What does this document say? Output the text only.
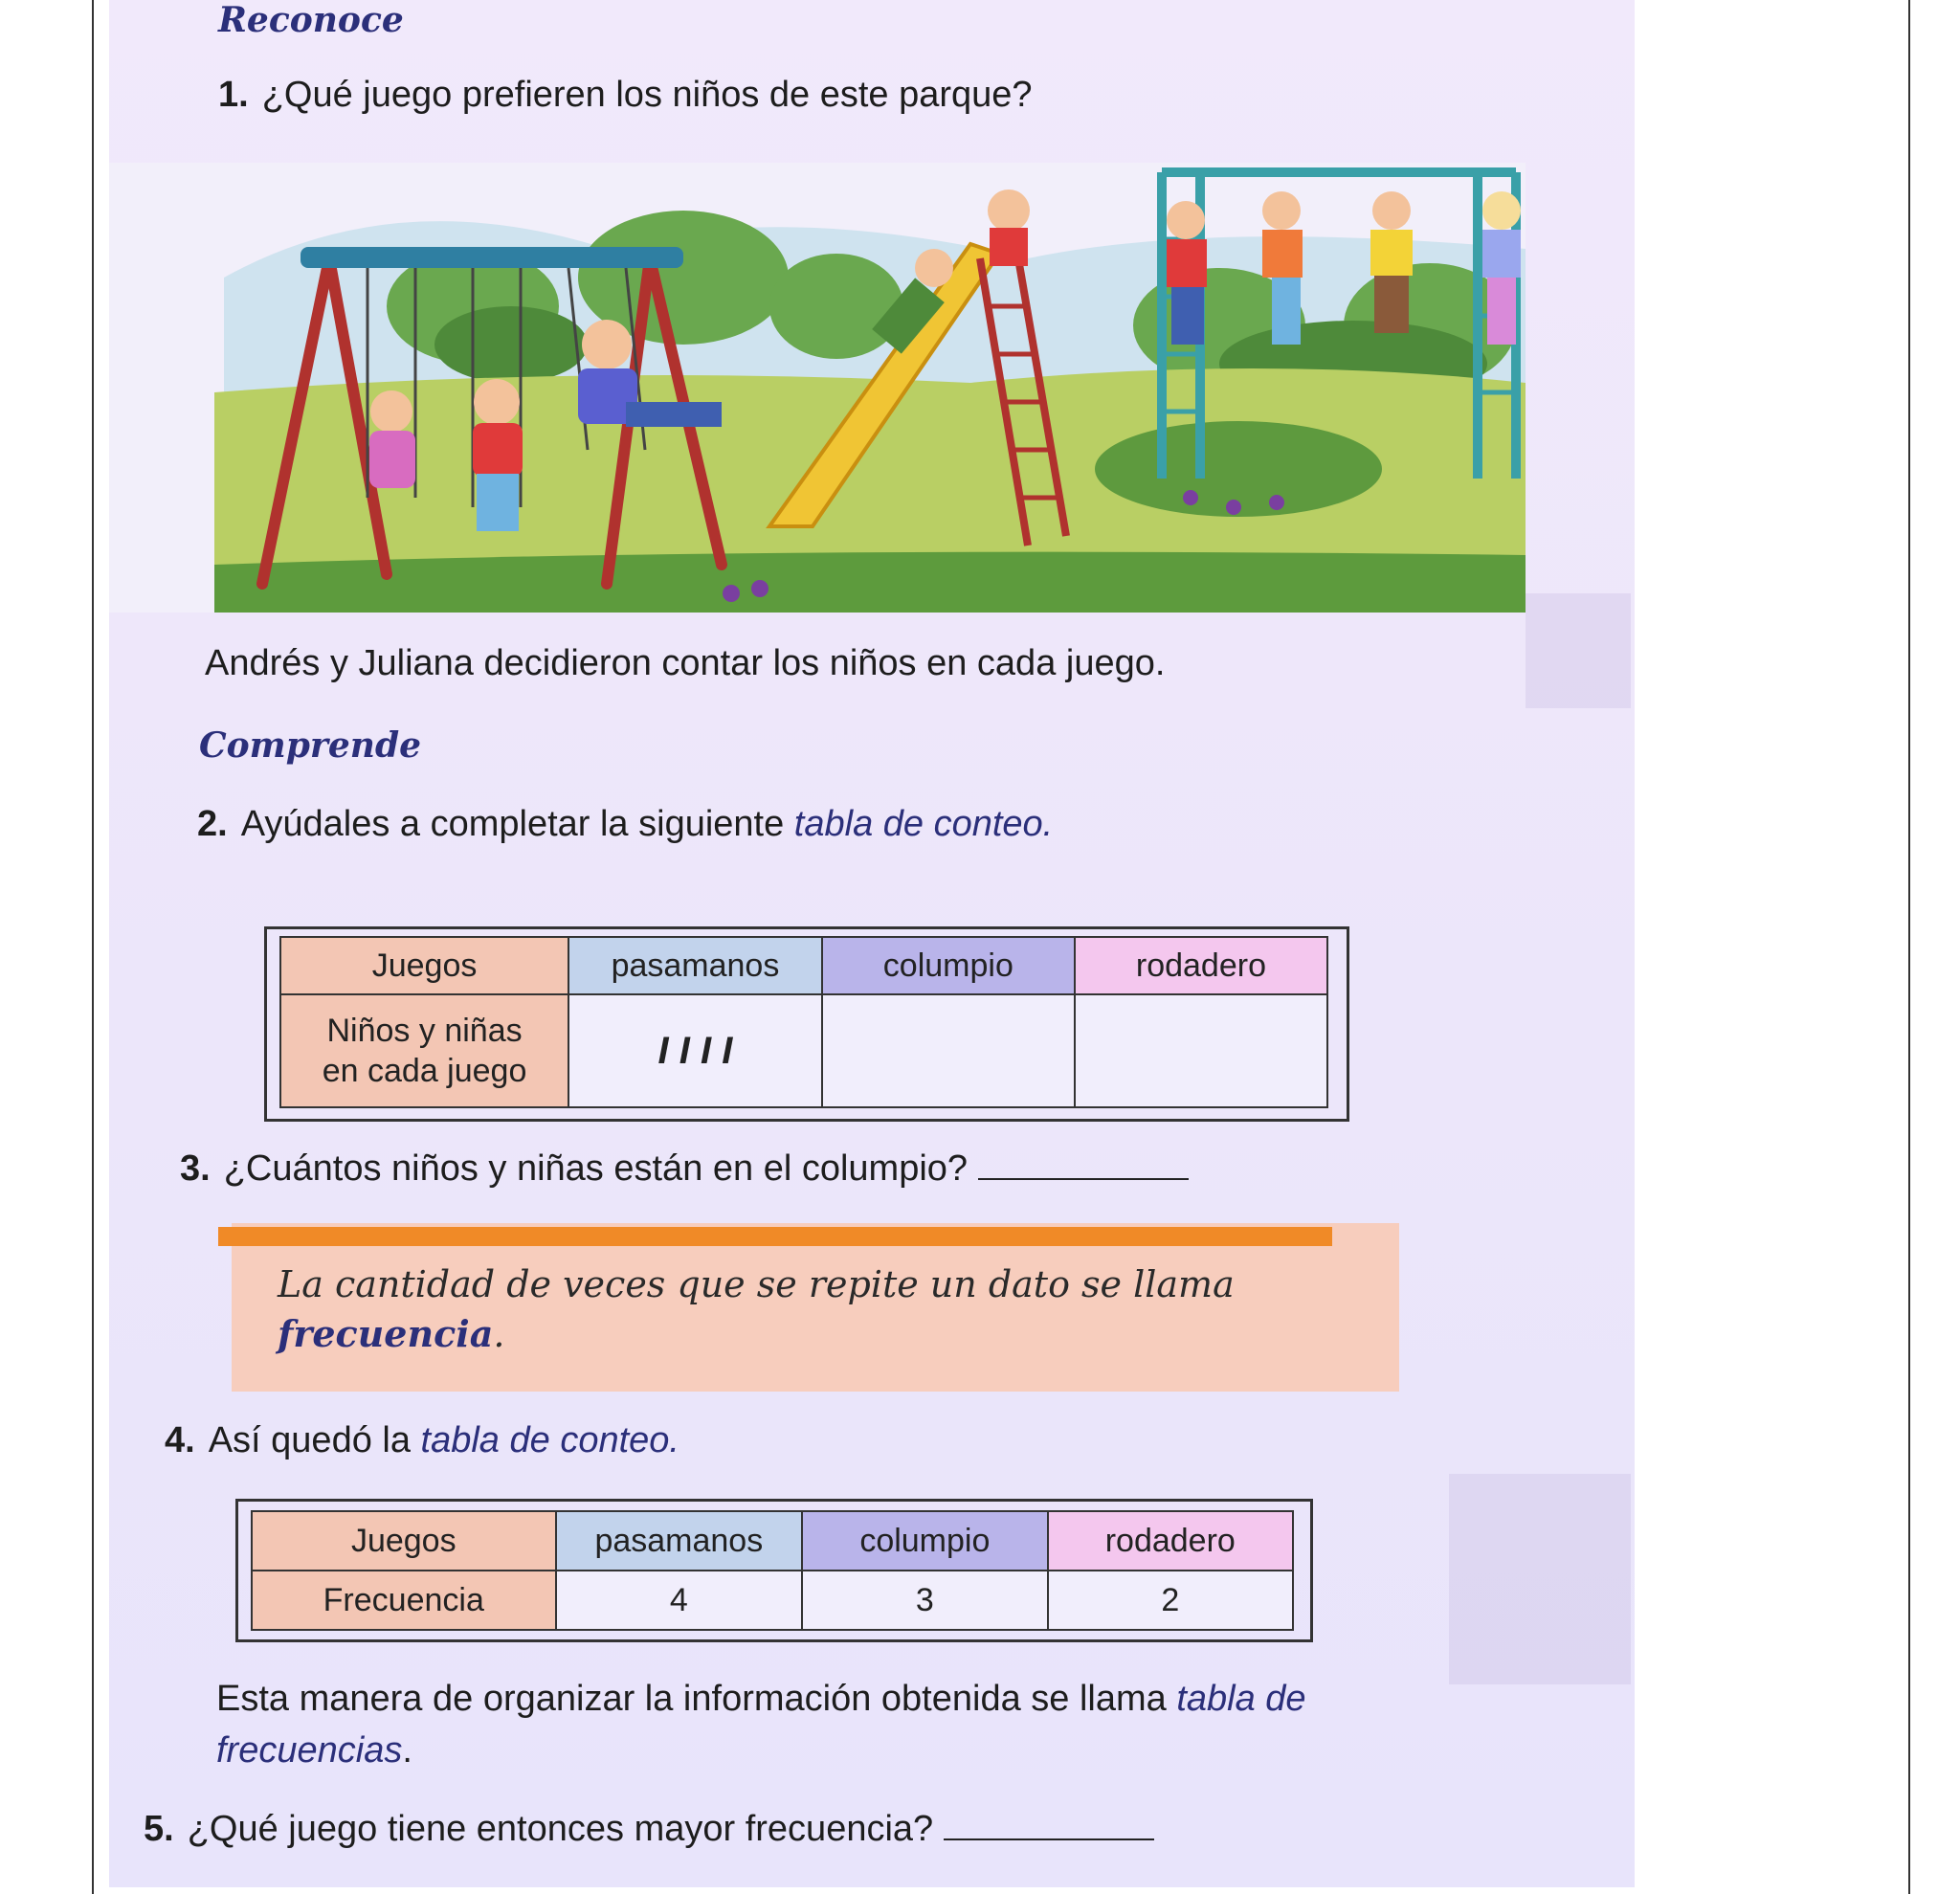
Reconoce
1. ¿Qué juego prefieren los niños de este parque?
Andrés y Juliana decidieron contar los niños en cada juego.
Comprende
2. Ayúdales a completar la siguiente tabla de conteo.
Juegos	pasamanos	columpio	rodadero
Niños y niñas
en cada juego	I I I I		
3. ¿Cuántos niños y niñas están en el columpio?
La cantidad de veces que se repite un dato se llama frecuencia.
4. Así quedó la tabla de conteo.
Juegos	pasamanos	columpio	rodadero
Frecuencia	4	3	2
Esta manera de organizar la información obtenida se llama tabla de frecuencias.
5. ¿Qué juego tiene entonces mayor frecuencia?
